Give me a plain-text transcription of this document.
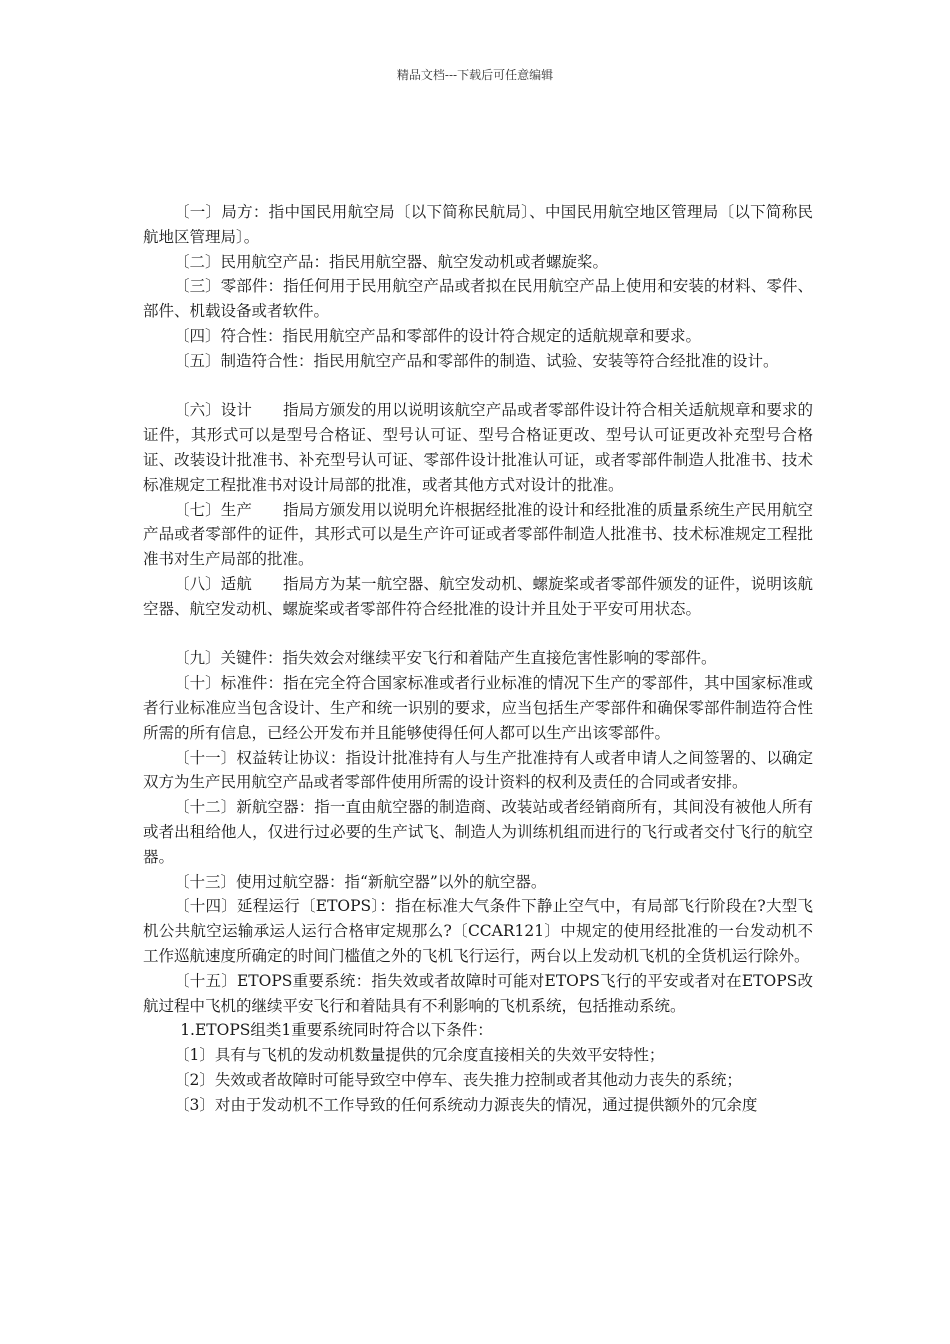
精品文档---下载后可任意编辑

〔一〕局方：指中国民用航空局〔以下简称民航局〕、中国民用航空地区管理局〔以下简称民航地区管理局〕。

〔二〕民用航空产品：指民用航空器、航空发动机或者螺旋桨。

〔三〕零部件：指任何用于民用航空产品或者拟在民用航空产品上使用和安装的材料、零件、部件、机载设备或者软件。

〔四〕符合性：指民用航空产品和零部件的设计符合规定的适航规章和要求。

〔五〕制造符合性：指民用航空产品和零部件的制造、试验、安装等符合经批准的设计。

〔六〕设计　　指局方颁发的用以说明该航空产品或者零部件设计符合相关适航规章和要求的证件，其形式可以是型号合格证、型号认可证、型号合格证更改、型号认可证更改补充型号合格证、改装设计批准书、补充型号认可证、零部件设计批准认可证，或者零部件制造人批准书、技术标准规定工程批准书对设计局部的批准，或者其他方式对设计的批准。

〔七〕生产　　指局方颁发用以说明允许根据经批准的设计和经批准的质量系统生产民用航空产品或者零部件的证件，其形式可以是生产许可证或者零部件制造人批准书、技术标准规定工程批准书对生产局部的批准。

〔八〕适航　　指局方为某一航空器、航空发动机、螺旋桨或者零部件颁发的证件，说明该航空器、航空发动机、螺旋桨或者零部件符合经批准的设计并且处于平安可用状态。

〔九〕关键件：指失效会对继续平安飞行和着陆产生直接危害性影响的零部件。

〔十〕标准件：指在完全符合国家标准或者行业标准的情况下生产的零部件，其中国家标准或者行业标准应当包含设计、生产和统一识别的要求，应当包括生产零部件和确保零部件制造符合性所需的所有信息，已经公开发布并且能够使得任何人都可以生产出该零部件。

〔十一〕权益转让协议：指设计批准持有人与生产批准持有人或者申请人之间签署的、以确定双方为生产民用航空产品或者零部件使用所需的设计资料的权利及责任的合同或者安排。

〔十二〕新航空器：指一直由航空器的制造商、改装站或者经销商所有，其间没有被他人所有或者出租给他人，仅进行过必要的生产试飞、制造人为训练机组而进行的飞行或者交付飞行的航空器。

〔十三〕使用过航空器：指“新航空器”以外的航空器。

〔十四〕延程运行〔ETOPS〕：指在标准大气条件下静止空气中，有局部飞行阶段在?大型飞机公共航空运输承运人运行合格审定规那么?〔CCAR121〕中规定的使用经批准的一台发动机不工作巡航速度所确定的时间门槛值之外的飞机飞行运行，两台以上发动机飞机的全货机运行除外。

〔十五〕ETOPS重要系统：指失效或者故障时可能对ETOPS飞行的平安或者对在ETOPS改航过程中飞机的继续平安飞行和着陆具有不利影响的飞机系统，包括推动系统。

1.ETOPS组类1重要系统同时符合以下条件：

〔1〕具有与飞机的发动机数量提供的冗余度直接相关的失效平安特性；

〔2〕失效或者故障时可能导致空中停车、丧失推力控制或者其他动力丧失的系统；

〔3〕对由于发动机不工作导致的任何系统动力源丧失的情况，通过提供额外的冗余度
